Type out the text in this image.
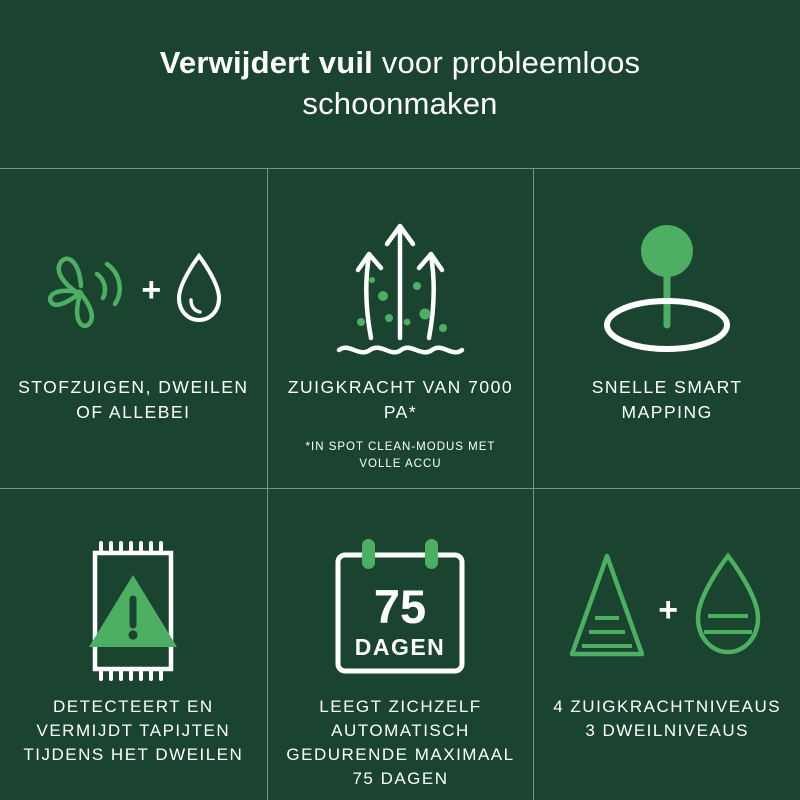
Verwijdert vuil voor probleemloos schoonmaken
+
STOFZUIGEN, DWEILEN OF ALLEBEI
ZUIGKRACHT VAN 7000 PA*
*IN SPOT CLEAN-MODUS MET VOLLE ACCU
SNELLE SMART MAPPING
DETECTEERT EN VERMIJDT TAPIJTEN TIJDENS HET DWEILEN
75
DAGEN
LEEGT ZICHZELF AUTOMATISCH GEDURENDE MAXIMAAL 75 DAGEN
+
4 ZUIGKRACHTNIVEAUS 3 DWEILNIVEAUS
